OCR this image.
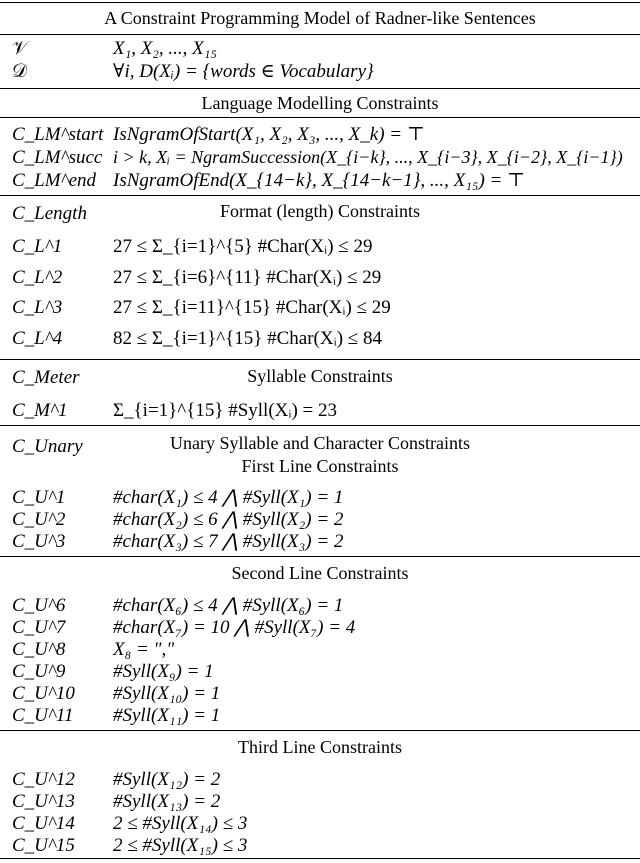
A Constraint Programming Model of Radner-like Sentences
𝒱	X₁, X₂, ..., X₁₅
𝒟	∀i, D(Xᵢ) = {words ∈ Vocabulary}
Language Modelling Constraints
C_LM^start IsNgramOfStart(X₁, X₂, X₃, ..., X_k) = ⊤
C_LM^succ i > k, Xᵢ = NgramSuccession(X_{i−k}, ..., X_{i−3}, X_{i−2}, X_{i−1})
C_LM^end IsNgramOfEnd(X_{14−k}, X_{14−k−1}, ..., X₁₅) = ⊤
C_Length	Format (length) Constraints
C_L^1	27 ≤ Σ_{i=1}^{5} #Char(Xᵢ) ≤ 29
C_L^2	27 ≤ Σ_{i=6}^{11} #Char(Xᵢ) ≤ 29
C_L^3	27 ≤ Σ_{i=11}^{15} #Char(Xᵢ) ≤ 29
C_L^4	82 ≤ Σ_{i=1}^{15} #Char(Xᵢ) ≤ 84
C_Meter	Syllable Constraints
C_M^1 Σ_{i=1}^{15} #Syll(Xᵢ) = 23
C_Unary	Unary Syllable and Character Constraints
First Line Constraints
C_U^1	#char(X₁) ≤ 4 ⋀ #Syll(X₁) = 1
C_U^2	#char(X₂) ≤ 6 ⋀ #Syll(X₂) = 2
C_U^3	#char(X₃) ≤ 7 ⋀ #Syll(X₃) = 2
Second Line Constraints
C_U^6	#char(X₆) ≤ 4 ⋀ #Syll(X₆) = 1
C_U^7	#char(X₇) = 10 ⋀ #Syll(X₇) = 4
C_U^8	X₈ = ","
C_U^9	#Syll(X₉) = 1
C_U^10 #Syll(X₁₀) = 1
C_U^11 #Syll(X₁₁) = 1
Third Line Constraints
C_U^12 #Syll(X₁₂) = 2
C_U^13 #Syll(X₁₃) = 2
C_U^14 2 ≤ #Syll(X₁₄) ≤ 3
C_U^15 2 ≤ #Syll(X₁₅) ≤ 3
